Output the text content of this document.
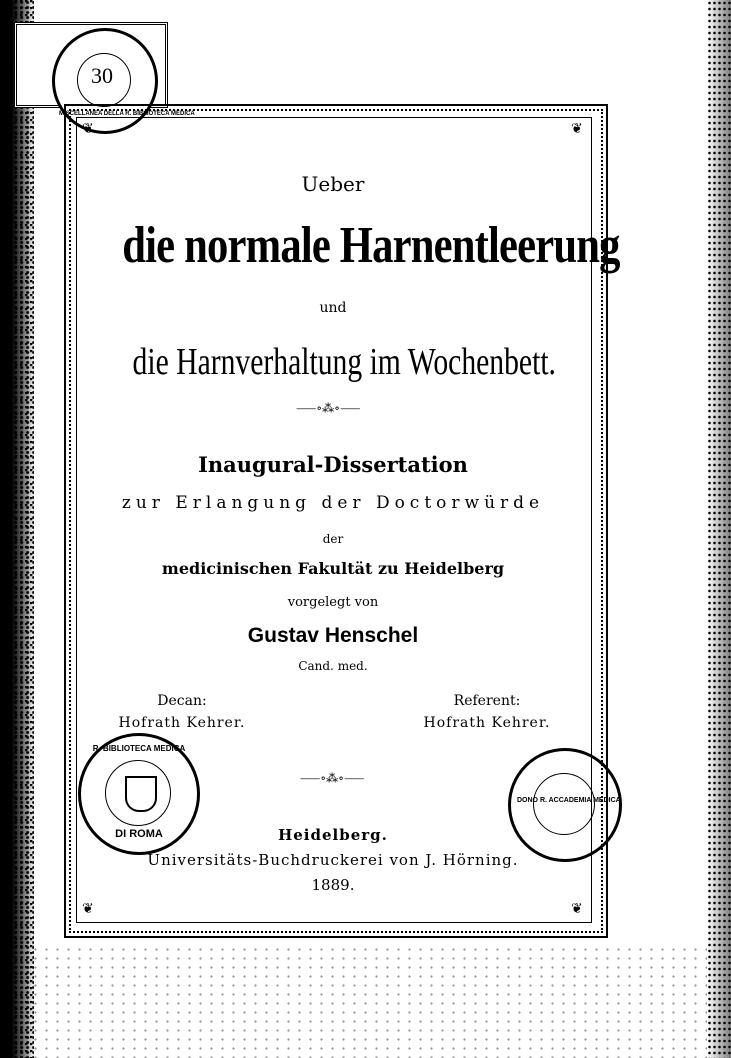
30
MISCELLANEA DELLA R. BIBLIOTECA MEDICA
❦	❦
❦	❦
Ueber
die normale Harnentleerung
und
die Harnverhaltung im Wochenbett.
⸺∘⁂∘⸺
Inaugural-Dissertation
zur Erlangung der Doctorwürde
der
medicinischen Fakultät zu Heidelberg
vorgelegt von
Gustav Henschel
Cand. med.
Decan:
Hofrath Kehrer.
Referent:
Hofrath Kehrer.
⸺∘⁂∘⸺
Heidelberg.
Universitäts-Buchdruckerei von J. Hörning.
1889.
R. BIBLIOTECA MEDICA
DI ROMA
DONO R. ACCADEMIA MEDICA
